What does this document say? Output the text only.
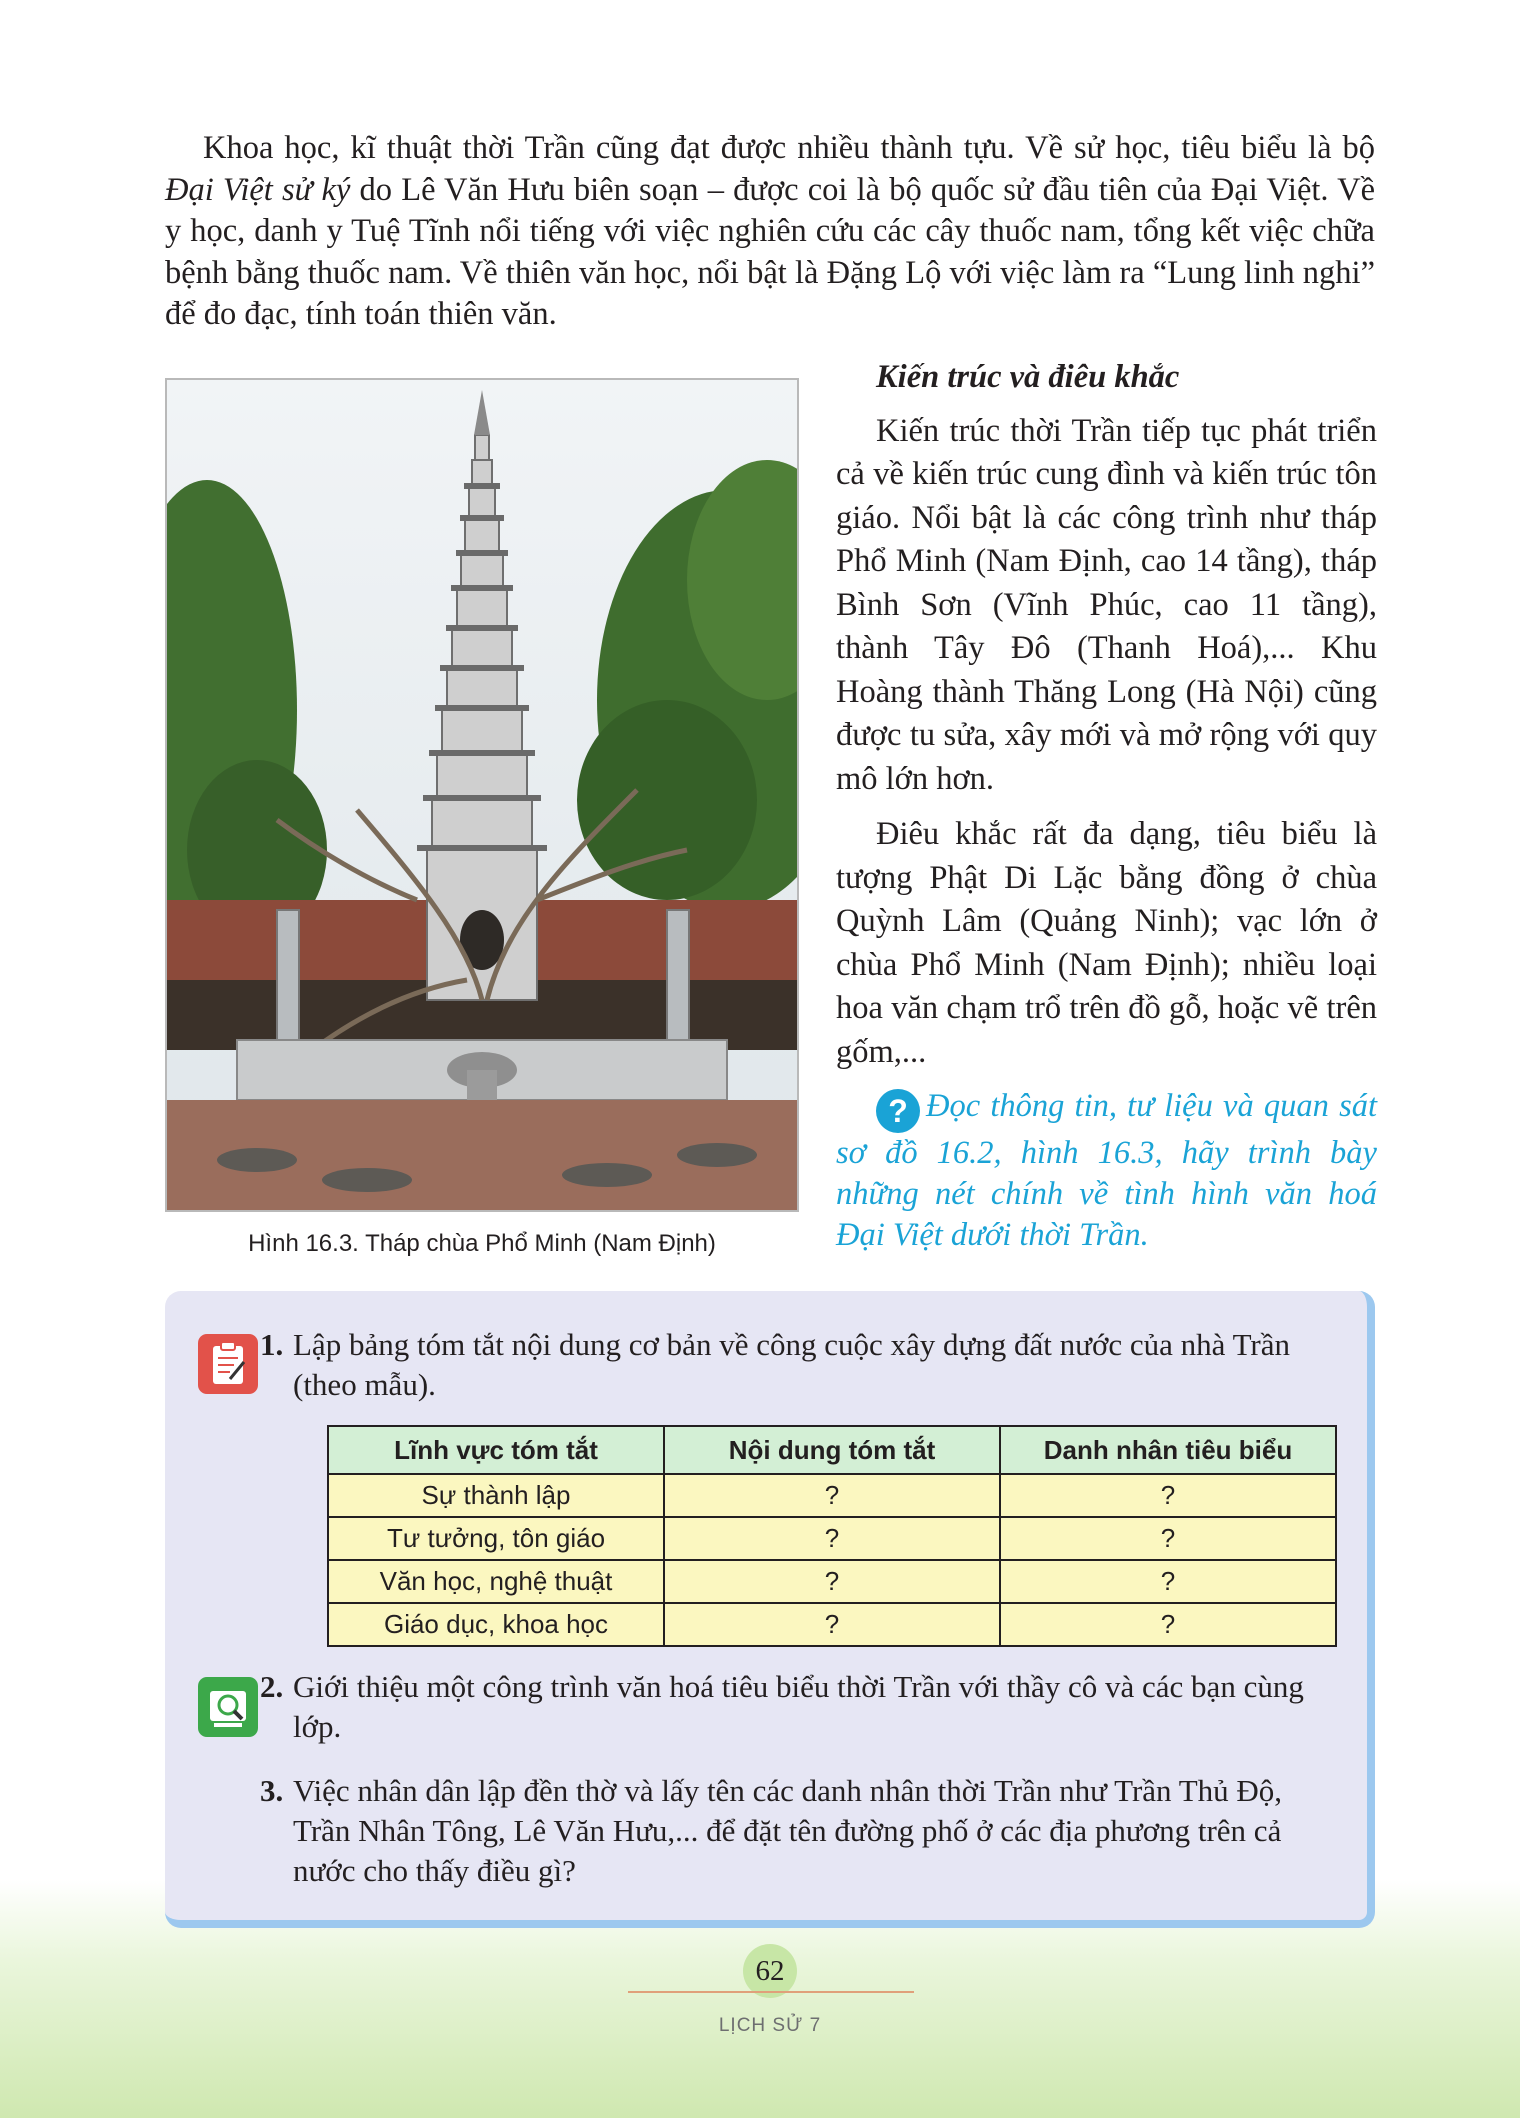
Khoa học, kĩ thuật thời Trần cũng đạt được nhiều thành tựu. Về sử học, tiêu biểu là bộ Đại Việt sử ký do Lê Văn Hưu biên soạn – được coi là bộ quốc sử đầu tiên của Đại Việt. Về y học, danh y Tuệ Tĩnh nổi tiếng với việc nghiên cứu các cây thuốc nam, tổng kết việc chữa bệnh bằng thuốc nam. Về thiên văn học, nổi bật là Đặng Lộ với việc làm ra “Lung linh nghi” để đo đạc, tính toán thiên văn.

Hình 16.3. Tháp chùa Phổ Minh (Nam Định)
Kiến trúc và điêu khắc

Kiến trúc thời Trần tiếp tục phát triển cả về kiến trúc cung đình và kiến trúc tôn giáo. Nổi bật là các công trình như tháp Phổ Minh (Nam Định, cao 14 tầng), tháp Bình Sơn (Vĩnh Phúc, cao 11 tầng), thành Tây Đô (Thanh Hoá),... Khu Hoàng thành Thăng Long (Hà Nội) cũng được tu sửa, xây mới và mở rộng với quy mô lớn hơn.

Điêu khắc rất đa dạng, tiêu biểu là tượng Phật Di Lặc bằng đồng ở chùa Quỳnh Lâm (Quảng Ninh); vạc lớn ở chùa Phổ Minh (Nam Định); nhiều loại hoa văn chạm trổ trên đồ gỗ, hoặc vẽ trên gốm,...

? Đọc thông tin, tư liệu và quan sát sơ đồ 16.2, hình 16.3, hãy trình bày những nét chính về tình hình văn hoá Đại Việt dưới thời Trần.
1. Lập bảng tóm tắt nội dung cơ bản về công cuộc xây dựng đất nước của nhà Trần (theo mẫu).
Lĩnh vực tóm tắt	Nội dung tóm tắt	Danh nhân tiêu biểu
Sự thành lập	?	?
Tư tưởng, tôn giáo	?	?
Văn học, nghệ thuật	?	?
Giáo dục, khoa học	?	?
2. Giới thiệu một công trình văn hoá tiêu biểu thời Trần với thầy cô và các bạn cùng lớp.
3. Việc nhân dân lập đền thờ và lấy tên các danh nhân thời Trần như Trần Thủ Độ, Trần Nhân Tông, Lê Văn Hưu,... để đặt tên đường phố ở các địa phương trên cả nước cho thấy điều gì?
62
LỊCH SỬ 7
